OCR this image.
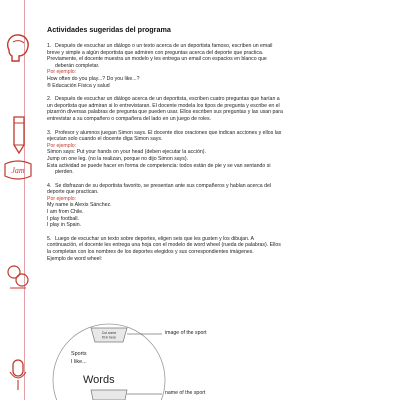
Jam
Actividades sugeridas del programa
1. Después de escuchar un diálogo o un texto acerca de un deportista famoso, escriben un email
breve y simple a algún deportista que admiren con preguntas acerca del deporte que practica.
Previamente, el docente muestra un modelo y les entrega un email con espacios en blanco que
deberán completar.
Por ejemplo:
How often do you play...? Do you like...?
® Educación Física y salud
2. Después de escuchar un diálogo acerca de un deportista, escriben cuatro preguntas que harían a
un deportista que admiran si lo entrevistaran. El docente modela los tipos de pregunta y escribe en el
pizarrón diversas palabras de pregunta que pueden usar. Ellos escriben sus preguntas y las usan para
entrevistar a su compañero o compañera del lado en un juego de roles.
3. Profesor y alumnos juegan Simon says. El docente dice oraciones que indican acciones y ellos las
ejecutan solo cuando el docente diga Simon says.
Por ejemplo:
Simon says: Put your hands on your head (deben ejecutar la acción).
Jump on one leg. (no la realizan, porque no dijo Simon says).
Esta actividad se puede hacer en forma de competencia: todos están de pie y se van sentando si
pierden.
4. Se disfrazan de su deportista favorito, se presentan ante sus compañeros y hablan acerca del
deporte que practican.
Por ejemplo:
My name is Alexis Sánchez.
I am from Chile.
I play football.
I play in Spain.
5. Luego de escuchar un texto sobre deportes, eligen seis que les gusten y los dibujan. A
continuación, el docente les entrega una hoja con el modelo de word wheel (rueda de palabras). Ellos
la completan con los nombres de los deportes elegidos y sus correspondientes imágenes.
Ejemplo de word wheel:
Cut some
fit in here
Sports
I like...
Words
image of the sport
name of the sport
